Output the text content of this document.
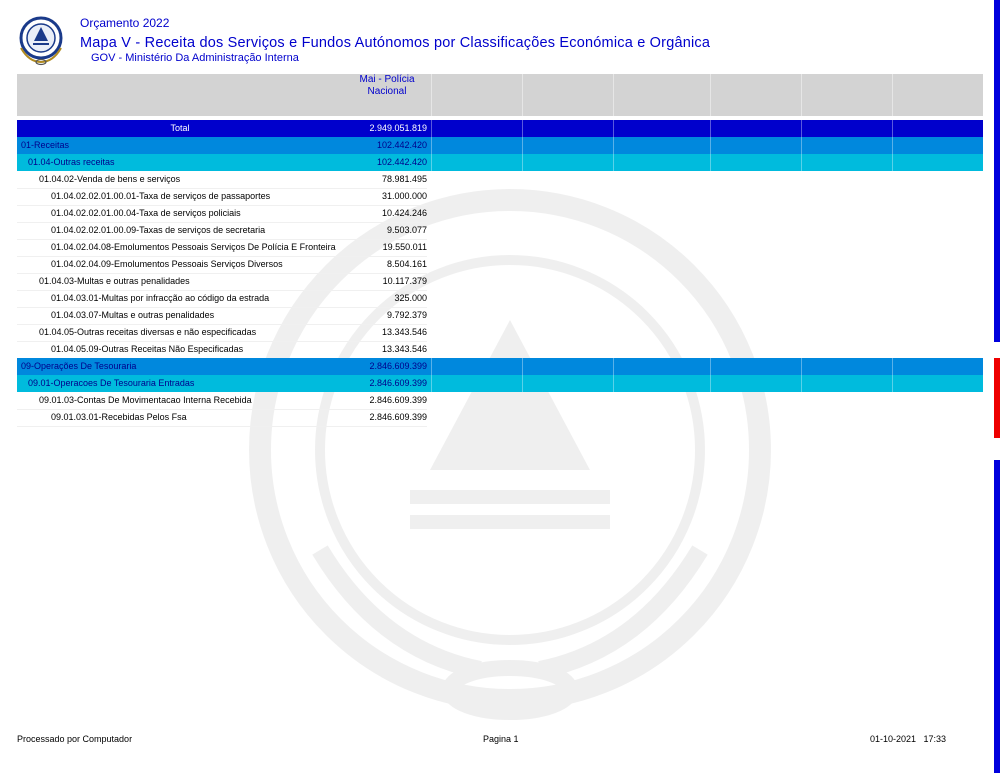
Orçamento 2022
Mapa V - Receita dos Serviços e Fundos Autónomos por Classificações Económica e Orgânica
GOV - Ministério Da Administração Interna
Mai - Polícia Nacional
Total	2.949.051.819
01-Receitas	102.442.420
01.04-Outras receitas	102.442.420
01.04.02-Venda de bens e serviços	78.981.495
01.04.02.02.01.00.01-Taxa de serviços de passaportes	31.000.000
01.04.02.02.01.00.04-Taxa de serviços policiais	10.424.246
01.04.02.02.01.00.09-Taxas de serviços de secretaria	9.503.077
01.04.02.04.08-Emolumentos Pessoais Serviços De Polícia E Fronteira	19.550.011
01.04.02.04.09-Emolumentos Pessoais Serviços Diversos	8.504.161
01.04.03-Multas e outras penalidades	10.117.379
01.04.03.01-Multas por infracção ao código da estrada	325.000
01.04.03.07-Multas e outras penalidades	9.792.379
01.04.05-Outras receitas diversas e não especificadas	13.343.546
01.04.05.09-Outras Receitas Não Especificadas	13.343.546
09-Operações De Tesouraria	2.846.609.399
09.01-Operacoes De Tesouraria Entradas	2.846.609.399
09.01.03-Contas De Movimentacao Interna Recebida	2.846.609.399
09.01.03.01-Recebidas Pelos Fsa	2.846.609.399
Processado por Computador	Pagina 1	01-10-2021   17:33
